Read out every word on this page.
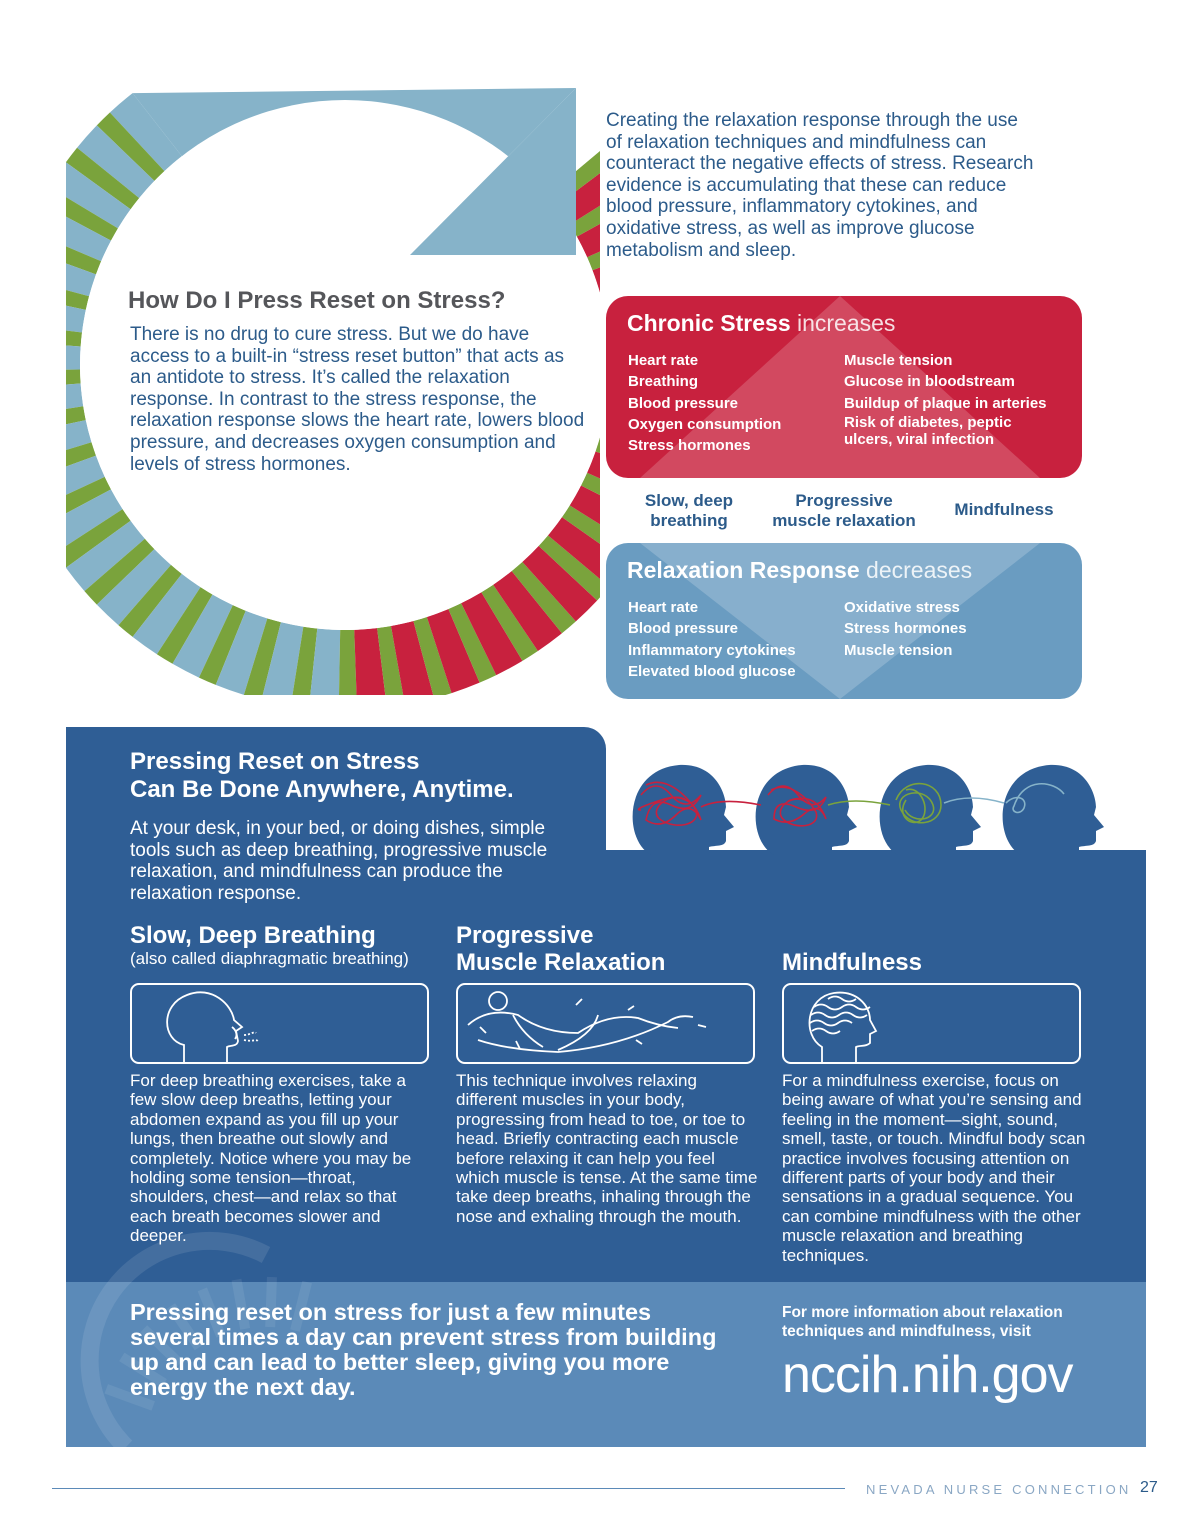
Creating the relaxation response through the use of relaxation techniques and mindfulness can counteract the negative effects of stress. Research evidence is accumulating that these can reduce blood pressure, inflammatory cytokines, and oxidative stress, as well as improve glucose metabolism and sleep.
How Do I Press Reset on Stress?
There is no drug to cure stress. But we do have access to a built-in “stress reset button” that acts as an antidote to stress. It’s called the relaxation response. In contrast to the stress response, the relaxation response slows the heart rate, lowers blood pressure, and decreases oxygen consumption and levels of stress hormones.
Chronic Stress increases
Heart rate
Breathing
Blood pressure
Oxygen consumption
Stress hormones
Muscle tension
Glucose in bloodstream
Buildup of plaque in arteries
Risk of diabetes, peptic
ulcers, viral infection
Slow, deep
breathing
Progressive
muscle relaxation
Mindfulness
Relaxation Response decreases
Heart rate
Blood pressure
Inflammatory cytokines
Elevated blood glucose
Oxidative stress
Stress hormones
Muscle tension
Pressing Reset on Stress
Can Be Done Anywhere, Anytime.
At your desk, in your bed, or doing dishes, simple tools such as deep breathing, progressive muscle relaxation, and mindfulness can produce the relaxation response.
Slow, Deep Breathing
(also called diaphragmatic breathing)
Progressive
Muscle Relaxation	Mindfulness
For deep breathing exercises, take a few slow deep breaths, letting your abdomen expand as you fill up your lungs, then breathe out slowly and completely. Notice where you may be holding some tension—throat, shoulders, chest—and relax so that each breath becomes slower and deeper.
This technique involves relaxing different muscles in your body, progressing from head to toe, or toe to head. Briefly contracting each muscle before relaxing it can help you feel which muscle is tense. At the same time take deep breaths, inhaling through the nose and exhaling through the mouth.
For a mindfulness exercise, focus on being aware of what you’re sensing and feeling in the moment—sight, sound, smell, taste, or touch. Mindful body scan practice involves focusing attention on different parts of your body and their sensations in a gradual sequence. You can combine mindfulness with the other muscle relaxation and breathing techniques.
Pressing reset on stress for just a few minutes several times a day can prevent stress from building up and can lead to better sleep, giving you more energy the next day.
For more information about relaxation techniques and mindfulness, visit
nccih.nih.gov
NEVADA NURSE CONNECTION 27
